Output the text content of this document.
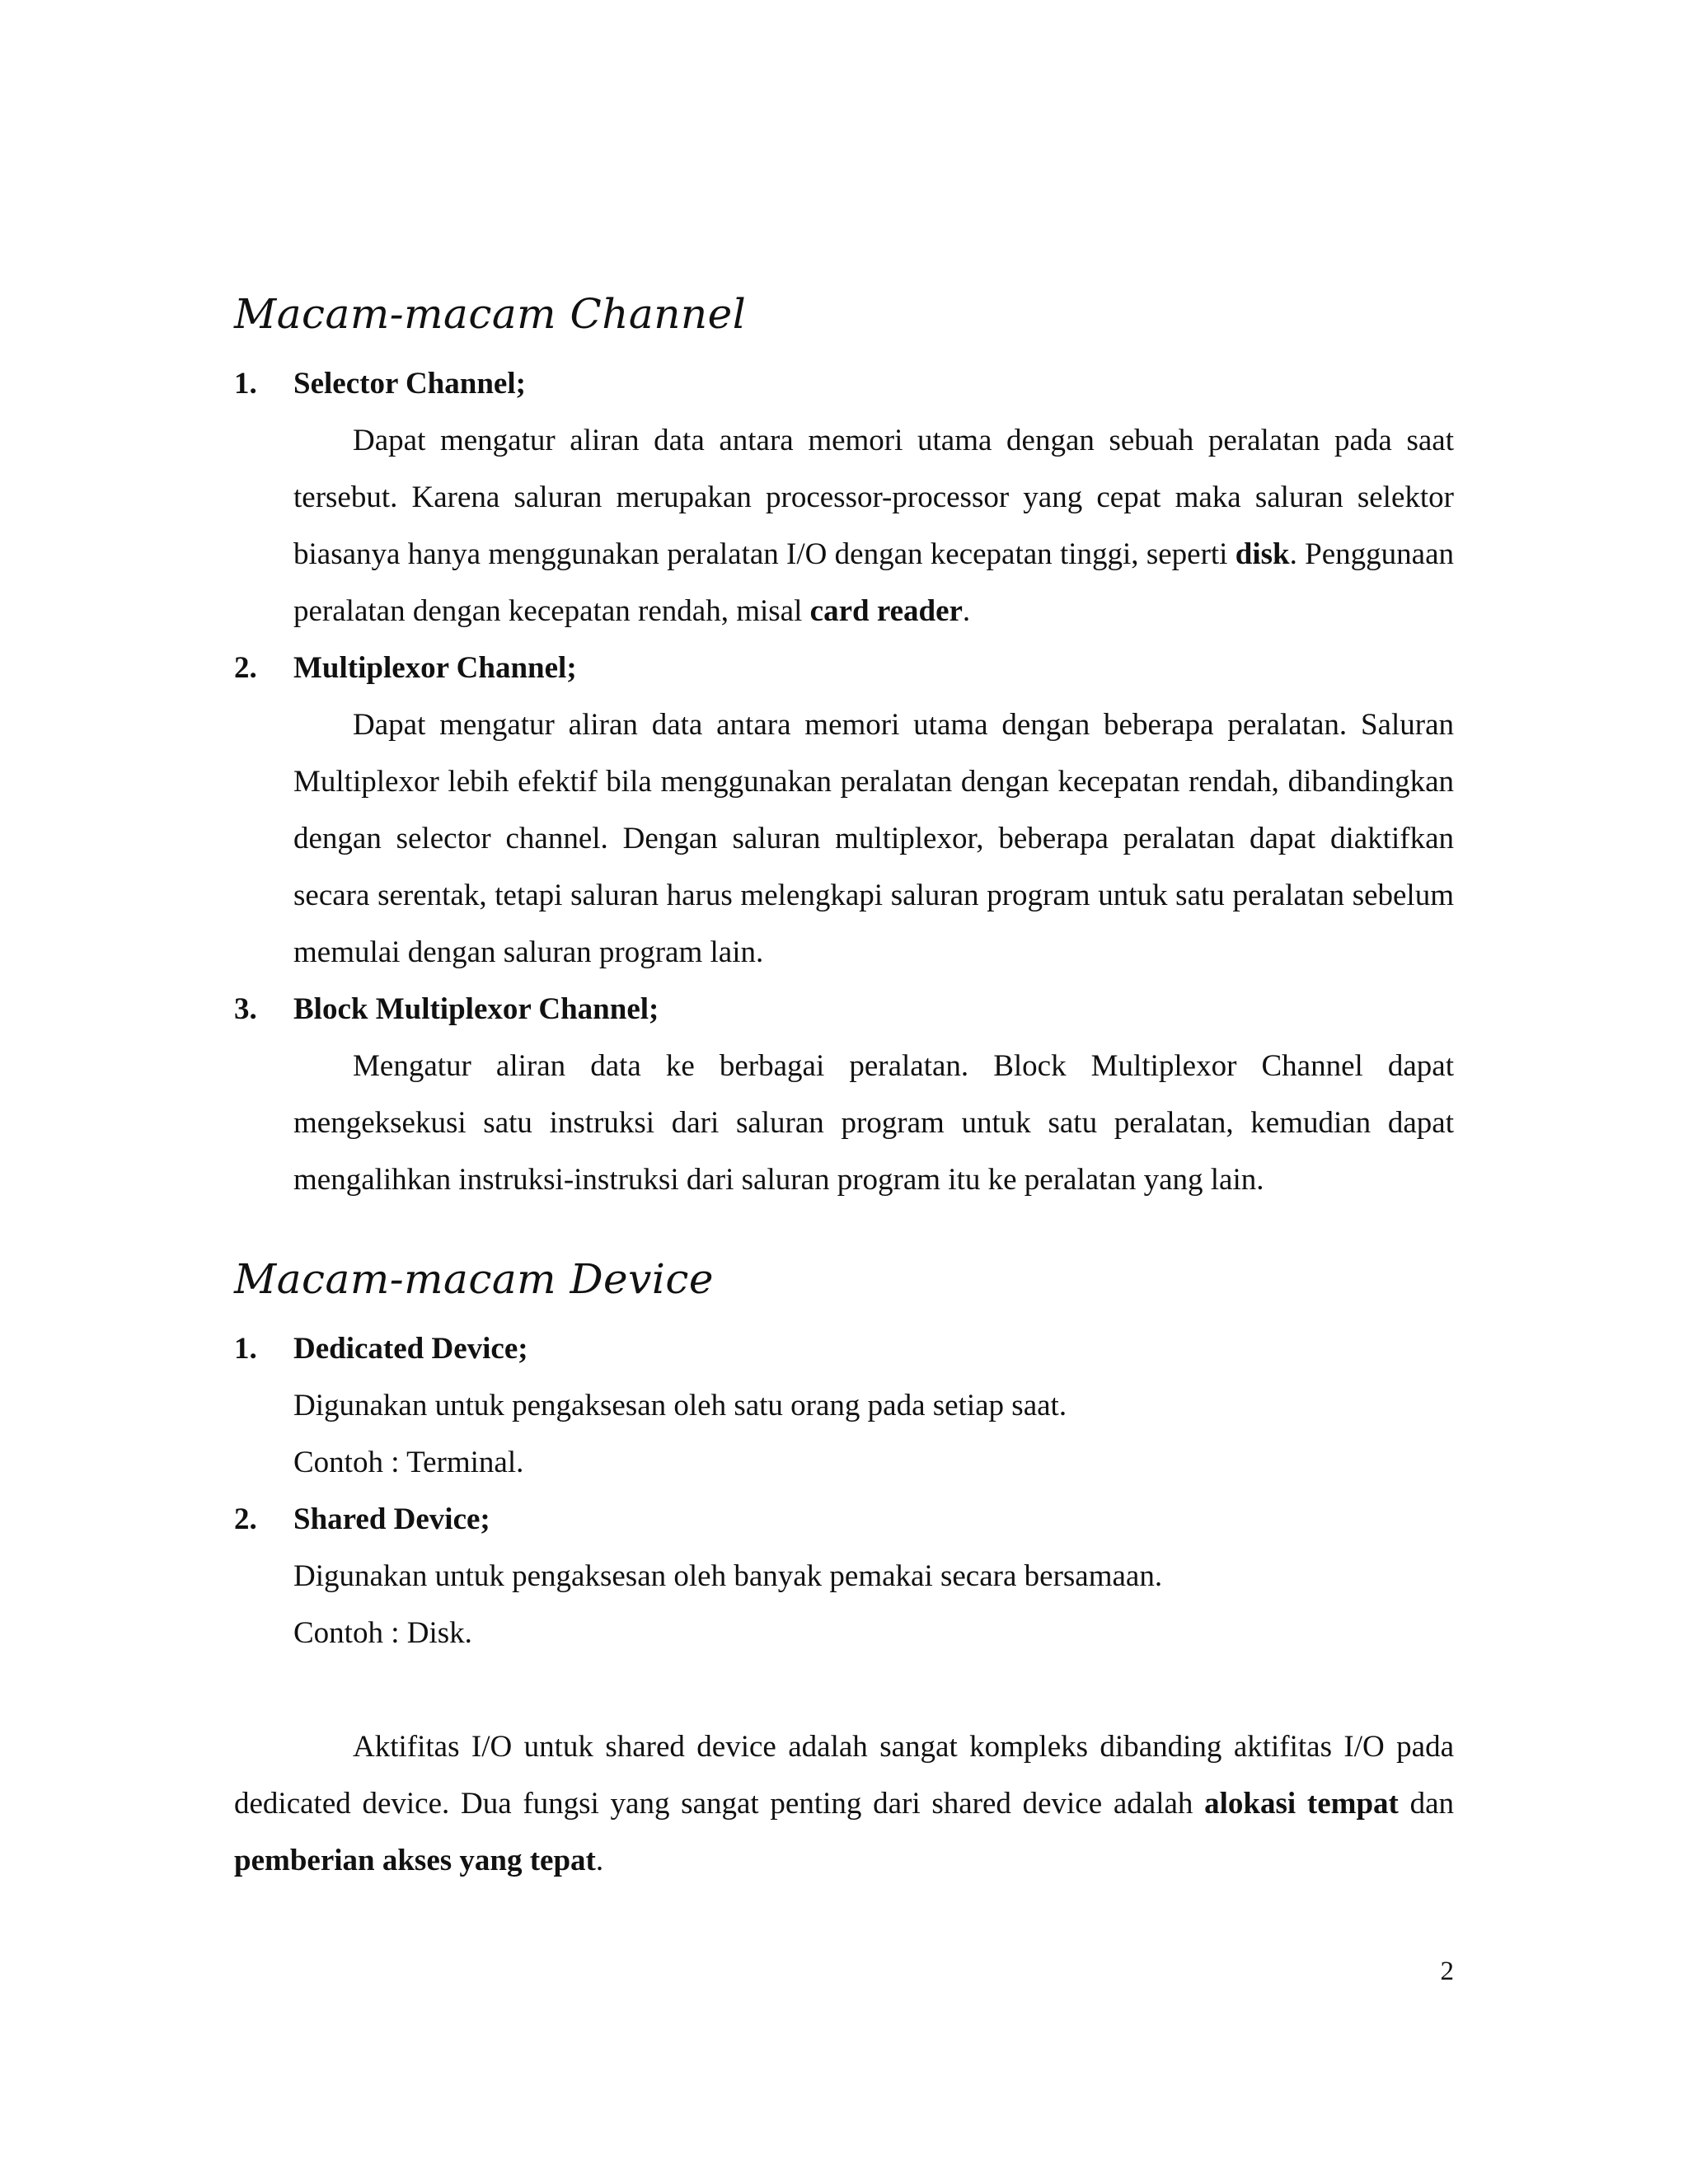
Macam-macam Channel
1.	Selector Channel;
Dapat mengatur aliran data antara memori utama dengan sebuah peralatan pada saat tersebut. Karena saluran merupakan processor-processor yang cepat maka saluran selektor biasanya hanya menggunakan peralatan I/O dengan kecepatan tinggi, seperti disk. Penggunaan peralatan dengan kecepatan rendah, misal card reader.
2.	Multiplexor Channel;
Dapat mengatur aliran data antara memori utama dengan beberapa peralatan. Saluran Multiplexor lebih efektif bila menggunakan peralatan dengan kecepatan rendah, dibandingkan dengan selector channel. Dengan saluran multiplexor, beberapa peralatan dapat diaktifkan secara serentak, tetapi saluran harus melengkapi saluran program untuk satu peralatan sebelum memulai dengan saluran program lain.
3.	Block Multiplexor Channel;
Mengatur aliran data ke berbagai peralatan. Block Multiplexor Channel dapat mengeksekusi satu instruksi dari saluran program untuk satu peralatan, kemudian dapat mengalihkan instruksi-instruksi dari saluran program itu ke peralatan yang lain.
Macam-macam Device
1.	Dedicated Device;
Digunakan untuk pengaksesan oleh satu orang pada setiap saat.
Contoh : Terminal.
2.	Shared Device;
Digunakan untuk pengaksesan oleh banyak pemakai secara bersamaan.
Contoh : Disk.

Aktifitas I/O untuk shared device adalah sangat kompleks dibanding aktifitas I/O pada dedicated device. Dua fungsi yang sangat penting dari shared device adalah alokasi tempat dan pemberian akses yang tepat.

2
